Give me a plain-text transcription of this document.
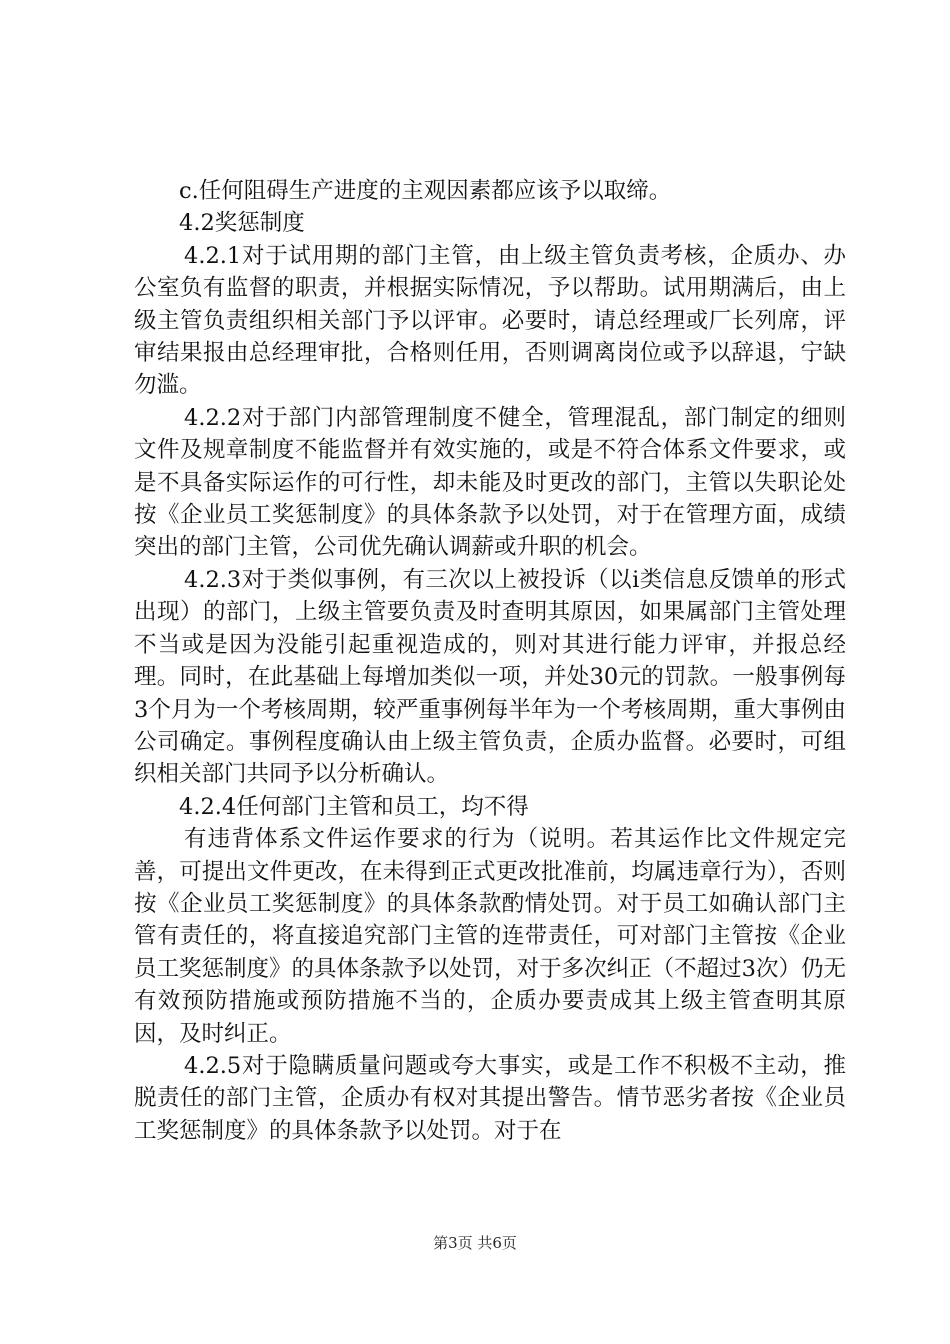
c.任何阻碍生产进度的主观因素都应该予以取缔。

4.2奖惩制度

4.2.1对于试用期的部门主管，由上级主管负责考核，企质办、办公室负有监督的职责，并根据实际情况，予以帮助。试用期满后，由上级主管负责组织相关部门予以评审。必要时，请总经理或厂长列席，评审结果报由总经理审批，合格则任用，否则调离岗位或予以辞退，宁缺勿滥。

4.2.2对于部门内部管理制度不健全，管理混乱，部门制定的细则文件及规章制度不能监督并有效实施的，或是不符合体系文件要求，或是不具备实际运作的可行性，却未能及时更改的部门，主管以失职论处按《企业员工奖惩制度》的具体条款予以处罚，对于在管理方面，成绩突出的部门主管，公司优先确认调薪或升职的机会。

4.2.3对于类似事例，有三次以上被投诉（以ⅰ类信息反馈单的形式出现）的部门，上级主管要负责及时查明其原因，如果属部门主管处理不当或是因为没能引起重视造成的，则对其进行能力评审，并报总经理。同时，在此基础上每增加类似一项，并处30元的罚款。一般事例每3个月为一个考核周期，较严重事例每半年为一个考核周期，重大事例由公司确定。事例程度确认由上级主管负责，企质办监督。必要时，可组织相关部门共同予以分析确认。

4.2.4任何部门主管和员工，均不得

有违背体系文件运作要求的行为（说明。若其运作比文件规定完善，可提出文件更改，在未得到正式更改批准前，均属违章行为），否则按《企业员工奖惩制度》的具体条款酌情处罚。对于员工如确认部门主管有责任的，将直接追究部门主管的连带责任，可对部门主管按《企业员工奖惩制度》的具体条款予以处罚，对于多次纠正（不超过3次）仍无有效预防措施或预防措施不当的，企质办要责成其上级主管查明其原因，及时纠正。

4.2.5对于隐瞒质量问题或夸大事实，或是工作不积极不主动，推脱责任的部门主管，企质办有权对其提出警告。情节恶劣者按《企业员工奖惩制度》的具体条款予以处罚。对于在

第3页 共6页
